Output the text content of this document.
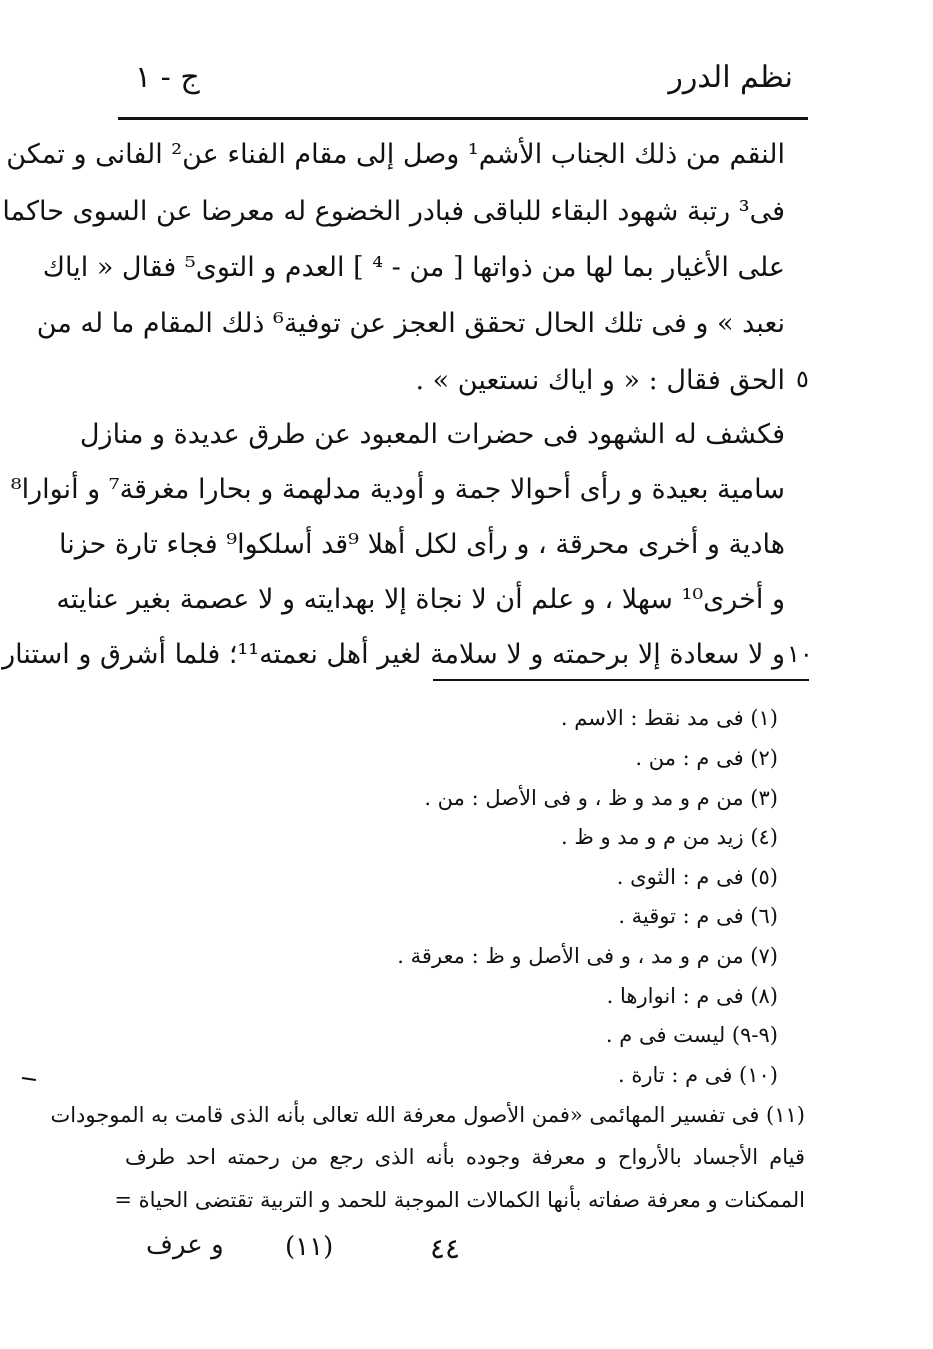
نظم الدرر
ج - ١
النقم من ذلك الجناب الأشم¹ وصل إلى مقام الفناء عن² الفانى و تمكن
فى³ رتبة شهود البقاء للباقى فبادر الخضوع له معرضا عن السوى حاكما
على الأغيار بما لها من ذواتها [ من - ⁴ ] العدم و التوى⁵ فقال « اياك
نعبد » و فى تلك الحال تحقق العجز عن توفية⁶ ذلك المقام ما له من
الحق فقال : « و اياك نستعين » .
فكشف له الشهود فى حضرات المعبود عن طرق عديدة و منازل
سامية بعيدة و رأى أحوالا جمة و أودية مدلهمة و بحارا مغرقة⁷ و أنوارا⁸
هادية و أخرى محرقة ، و رأى لكل أهلا ⁹قد أسلكوا⁹ فجاء تارة حزنا
و أخرى¹⁰ سهلا ، و علم أن لا نجاة إلا بهدايته و لا عصمة بغير عنايته
و لا سعادة إلا برحمته و لا سلامة لغير أهل نعمته¹¹؛ فلما أشرق و استنار
٥
١٠
(١) فى مد نقط : الاسم .
(٢) فى م : من .
(٣) من م و مد و ظ ، و فى الأصل : من .
(٤) زيد من م و مد و ظ .
(٥) فى م : الثوى .
(٦) فى م : توقية .
(٧) من م و مد ، و فى الأصل و ظ : معرقة .
(٨) فى م : انوارها .
(٩-٩) ليست فى م .
(١٠) فى م : تارة .
(١١) فى تفسير المهائمى «فمن الأصول معرفة الله تعالى بأنه الذى قامت به الموجودات
قيام الأجساد بالأرواح و معرفة وجوده بأنه الذى رجع من رحمته احد طرف
الممكنات و معرفة صفاته بأنها الكمالات الموجبة للحمد و التربية تقتضى الحياة =
٤٤
(١١)
و عرف
